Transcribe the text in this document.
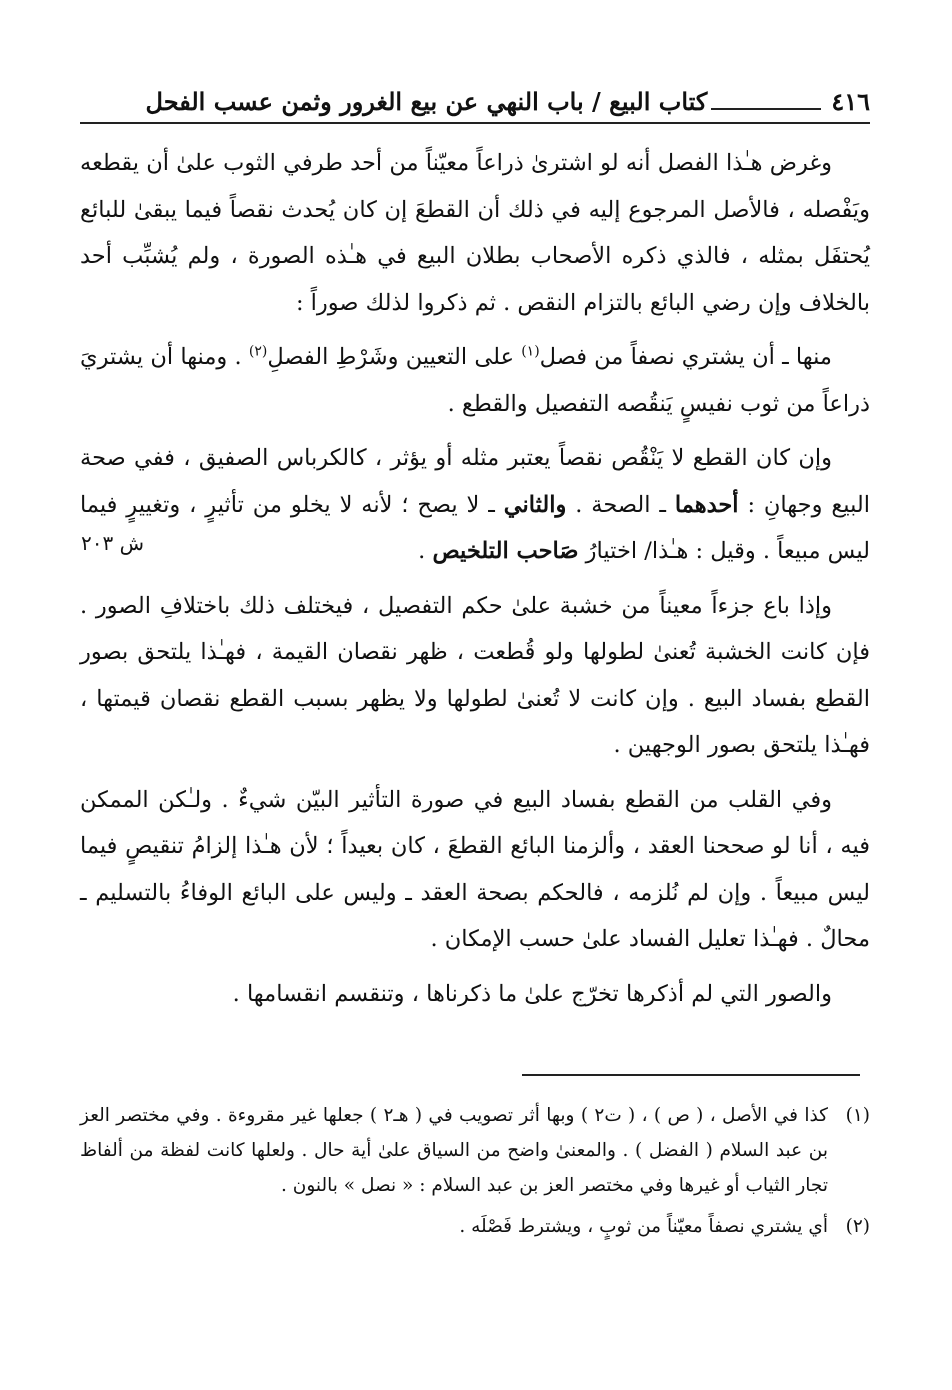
٤١٦
كتاب البيع / باب النهي عن بيع الغرور وثمن عسب الفحل
ش ٢٠٣

وغرض هـٰذا الفصل أنه لو اشترىٰ ذراعاً معيّناً من أحد طرفي الثوب علىٰ أن يقطعه ويَفْصله ، فالأصل المرجوع إليه في ذلك أن القطعَ إن كان يُحدث نقصاً فيما يبقىٰ للبائع يُحتفَل بمثله ، فالذي ذكره الأصحاب بطلان البيع في هـٰذه الصورة ، ولم يُشبِّب أحد بالخلاف وإن رضي البائع بالتزام النقص . ثم ذكروا لذلك صوراً :

منها ـ أن يشتري نصفاً من فصل$^{(١)}$ على التعيين وشَرْطِ الفصلِ$^{(٢)}$ . ومنها أن يشتريَ ذراعاً من ثوب نفيسٍ يَنقُصه التفصيل والقطع .

وإن كان القطع لا يَنْقُص نقصاً يعتبر مثله أو يؤثر ، كالكرباس الصفيق ، ففي صحة البيع وجهانِ : أحدهما ـ الصحة . والثاني ـ لا يصح ؛ لأنه لا يخلو من تأثيرٍ ، وتغييرٍ فيما ليس مبيعاً . وقيل : هـٰذا/ اختيارُ صَاحب التلخيص .

وإذا باع جزءاً معيناً من خشبة علىٰ حكم التفصيل ، فيختلف ذلك باختلافِ الصور . فإن كانت الخشبة تُعنىٰ لطولها ولو قُطعت ، ظهر نقصان القيمة ، فهـٰذا يلتحق بصور القطع بفساد البيع . وإن كانت لا تُعنىٰ لطولها ولا يظهر بسبب القطع نقصان قيمتها ، فهـٰذا يلتحق بصور الوجهين .

وفي القلب من القطع بفساد البيع في صورة التأثير البيّن شيءٌ . ولـٰكن الممكن فيه ، أنا لو صححنا العقد ، وألزمنا البائع القطعَ ، كان بعيداً ؛ لأن هـٰذا إلزامُ تنقيصٍ فيما ليس مبيعاً . وإن لم نُلزمه ، فالحكم بصحة العقد ـ وليس على البائع الوفاءُ بالتسليم ـ محالٌ . فهـٰذا تعليل الفساد علىٰ حسب الإمكان .

والصور التي لم أذكرها تخرّج علىٰ ما ذكرناها ، وتنقسم انقسامها .

(١)
كذا في الأصل ، ( ص ) ، ( ت٢ ) وبها أثر تصويب في ( هـ٢ ) جعلها غير مقروءة . وفي مختصر العز بن عبد السلام ( الفضل ) . والمعنىٰ واضح من السياق علىٰ أية حال . ولعلها كانت لفظة من ألفاظ تجار الثياب أو غيرها وفي مختصر العز بن عبد السلام : « نصل » بالنون .
(٢)
أي يشتري نصفاً معيّناً من ثوبٍ ، ويشترط فَصْلَه .
